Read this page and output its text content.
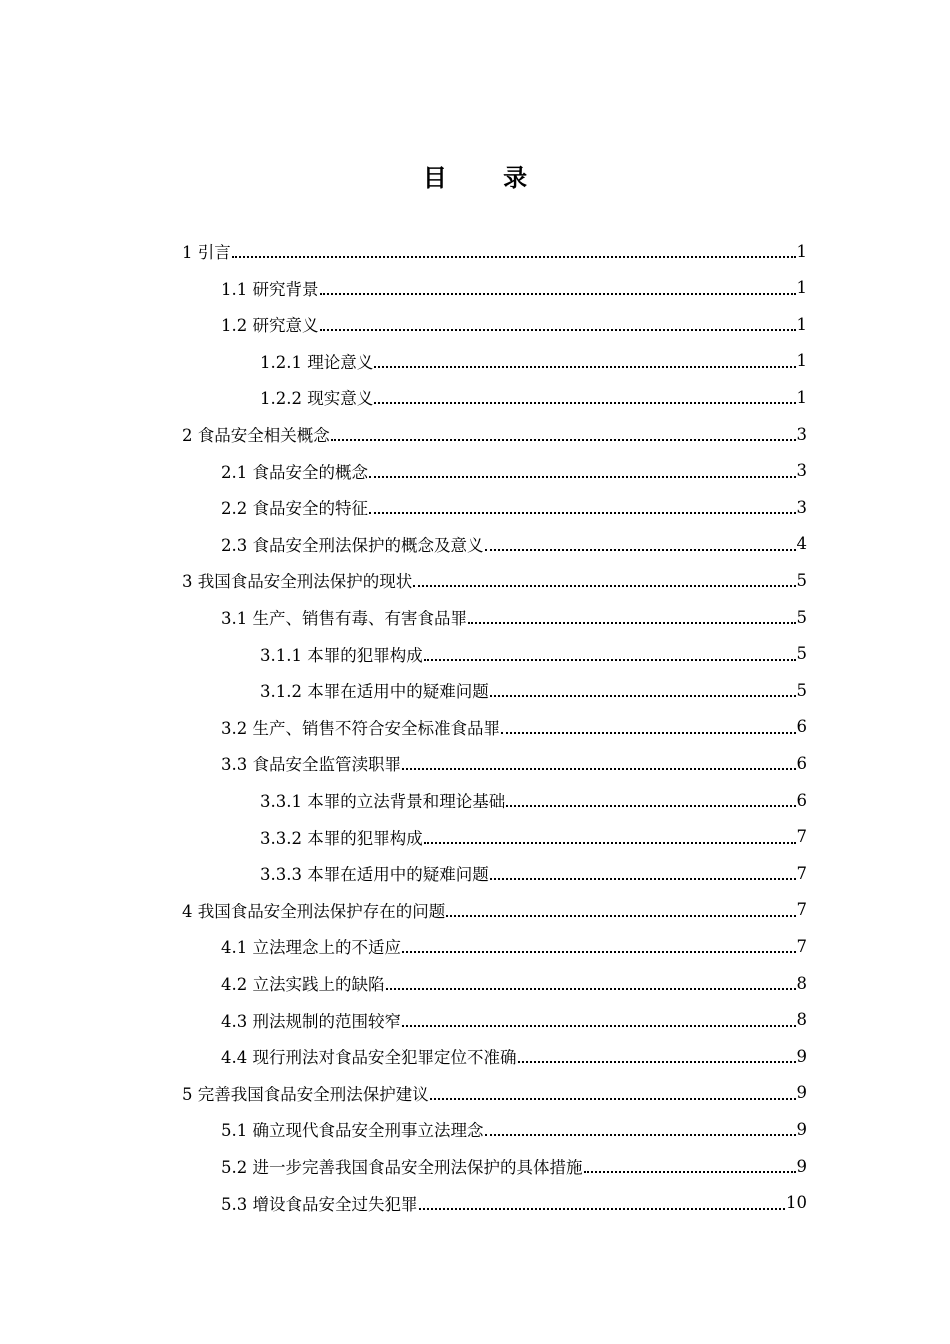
目 录
1 引言	1
1.1 研究背景	1
1.2 研究意义	1
1.2.1 理论意义	1
1.2.2 现实意义	1
2 食品安全相关概念	3
2.1 食品安全的概念	3
2.2 食品安全的特征	3
2.3 食品安全刑法保护的概念及意义	4
3 我国食品安全刑法保护的现状	5
3.1 生产、销售有毒、有害食品罪	5
3.1.1 本罪的犯罪构成	5
3.1.2 本罪在适用中的疑难问题	5
3.2 生产、销售不符合安全标准食品罪	6
3.3 食品安全监管渎职罪	6
3.3.1 本罪的立法背景和理论基础	6
3.3.2 本罪的犯罪构成	7
3.3.3 本罪在适用中的疑难问题	7
4 我国食品安全刑法保护存在的问题	7
4.1 立法理念上的不适应	7
4.2 立法实践上的缺陷	8
4.3 刑法规制的范围较窄	8
4.4 现行刑法对食品安全犯罪定位不准确	9
5 完善我国食品安全刑法保护建议	9
5.1 确立现代食品安全刑事立法理念	9
5.2 进一步完善我国食品安全刑法保护的具体措施	9
5.3 增设食品安全过失犯罪	10
